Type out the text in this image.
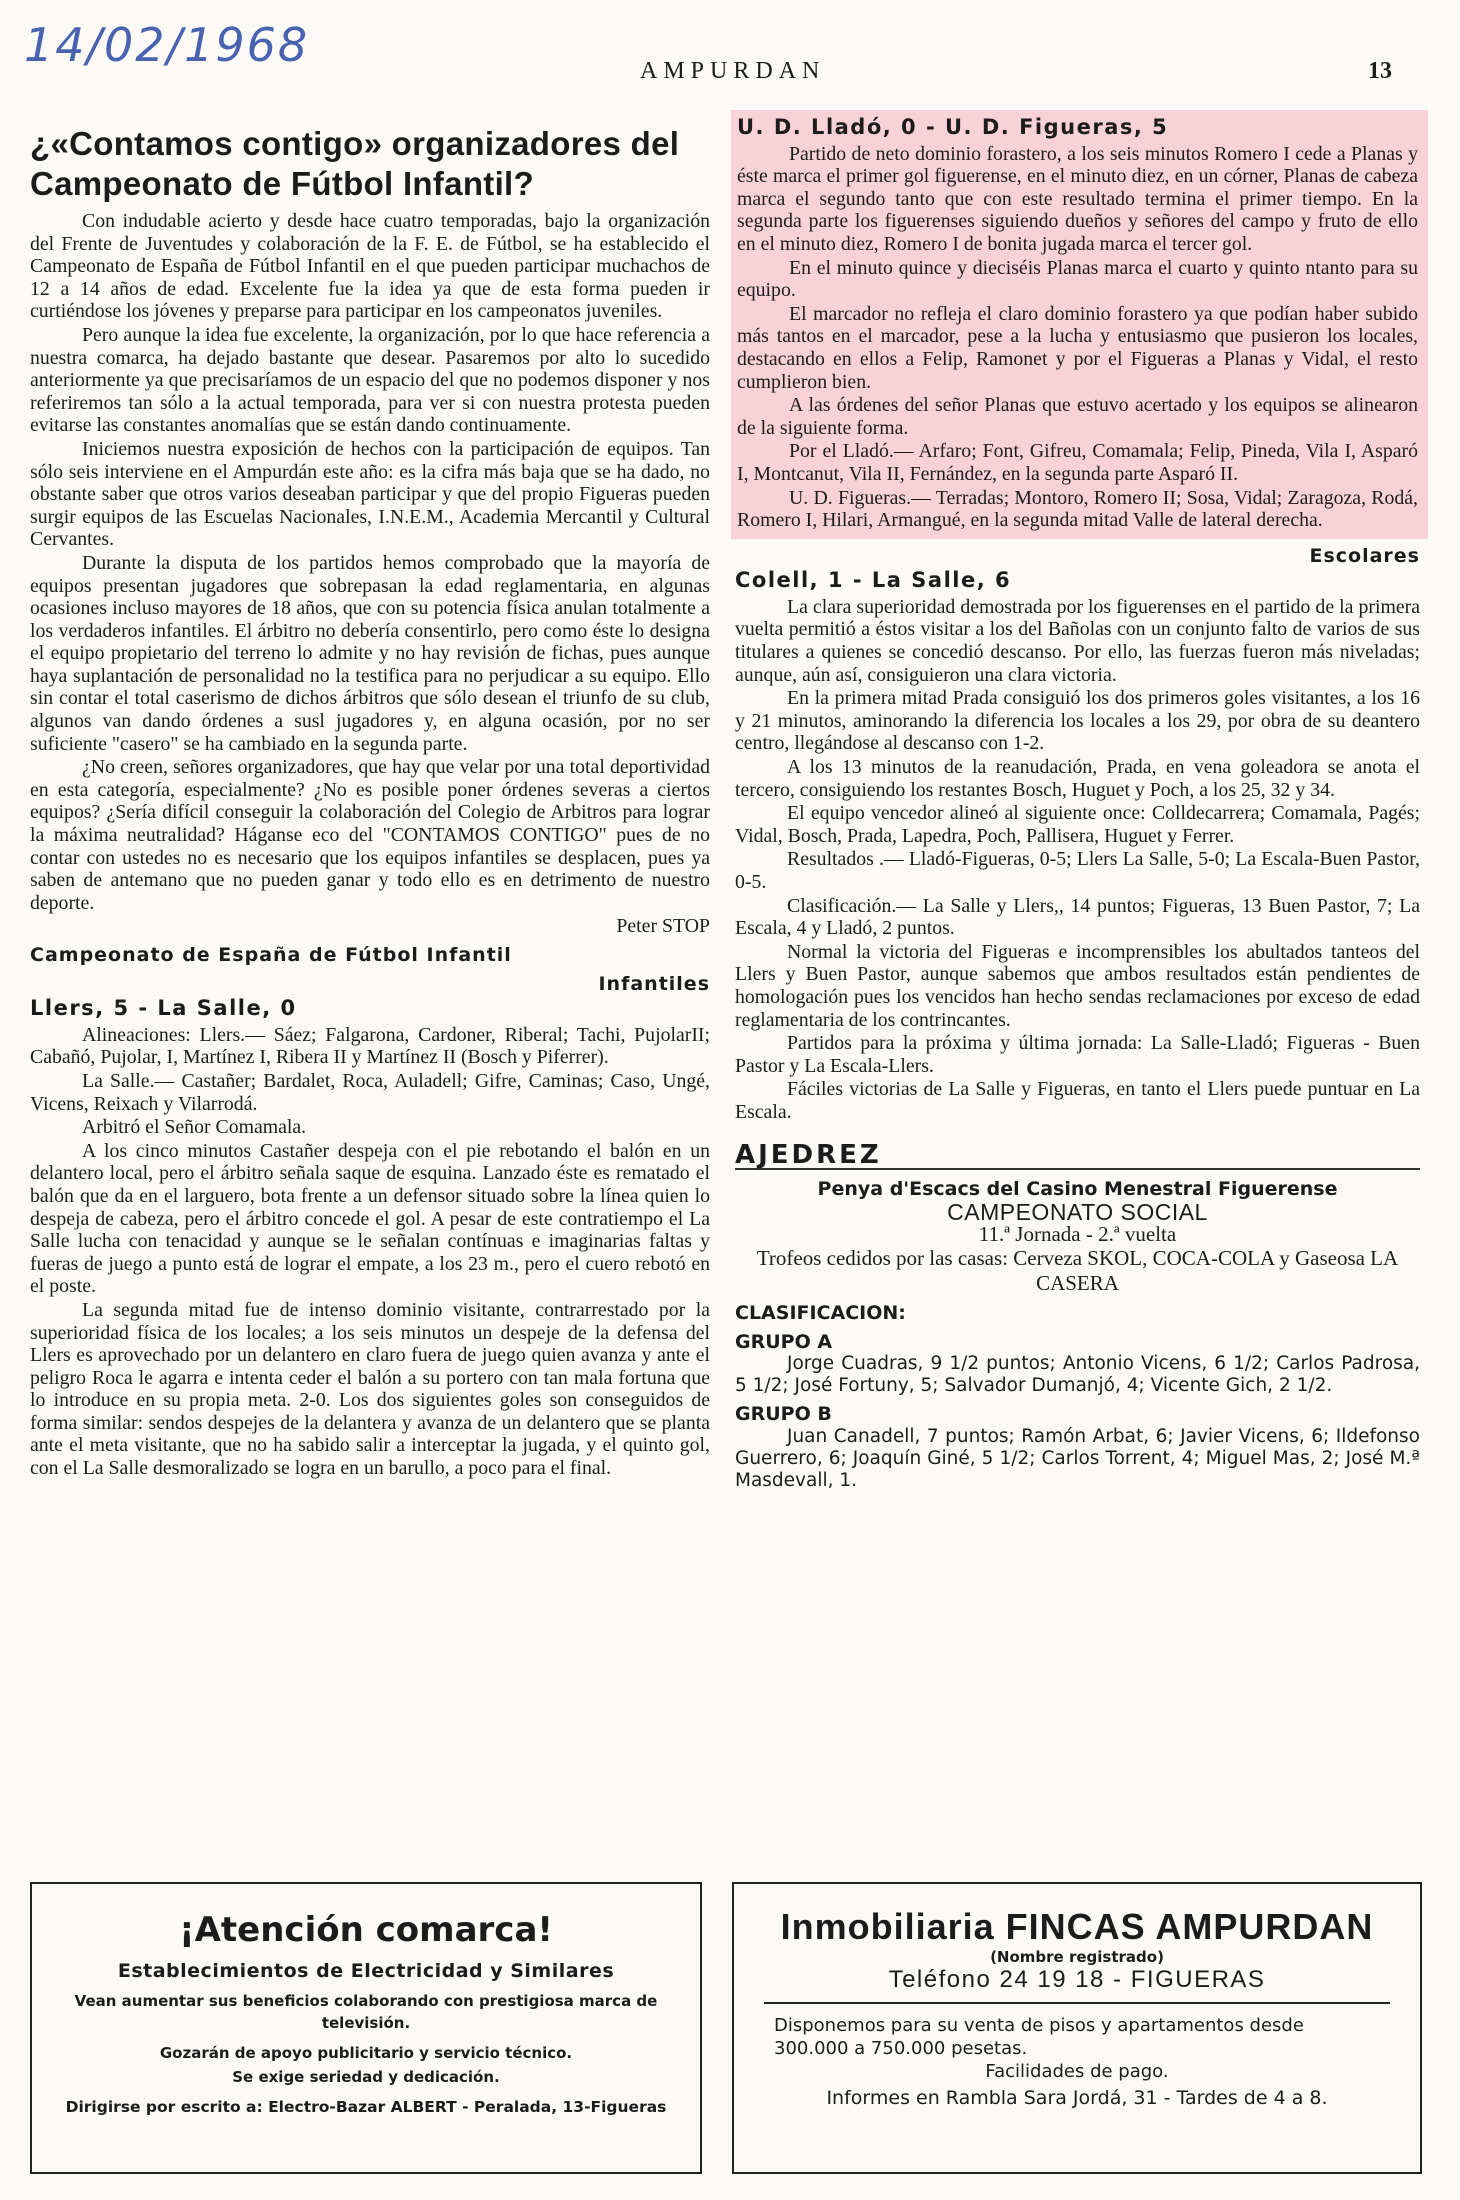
14/02/1968	AMPURDAN	13
¿«Contamos contigo» organizadores del Campeonato de Fútbol Infantil?

Con indudable acierto y desde hace cuatro temporadas, bajo la organización del Frente de Juventudes y colaboración de la F. E. de Fútbol, se ha establecido el Campeonato de España de Fútbol Infantil en el que pueden participar muchachos de 12 a 14 años de edad. Excelente fue la idea ya que de esta forma pueden ir curtiéndose los jóvenes y preparse para participar en los campeonatos juveniles.

Pero aunque la idea fue excelente, la organización, por lo que hace referencia a nuestra comarca, ha dejado bastante que desear. Pasaremos por alto lo sucedido anteriormente ya que precisaríamos de un espacio del que no podemos disponer y nos referiremos tan sólo a la actual temporada, para ver si con nuestra protesta pueden evitarse las constantes anomalías que se están dando continuamente.

Iniciemos nuestra exposición de hechos con la participación de equipos. Tan sólo seis interviene en el Ampurdán este año: es la cifra más baja que se ha dado, no obstante saber que otros varios deseaban participar y que del propio Figueras pueden surgir equipos de las Escuelas Nacionales, I.N.E.M., Academia Mercantil y Cultural Cervantes.

Durante la disputa de los partidos hemos comprobado que la mayoría de equipos presentan jugadores que sobrepasan la edad reglamentaria, en algunas ocasiones incluso mayores de 18 años, que con su potencia física anulan totalmente a los verdaderos infantiles. El árbitro no debería consentirlo, pero como éste lo designa el equipo propietario del terreno lo admite y no hay revisión de fichas, pues aunque haya suplantación de personalidad no la testifica para no perjudicar a su equipo. Ello sin contar el total caserismo de dichos árbitros que sólo desean el triunfo de su club, algunos van dando órdenes a susl jugadores y, en alguna ocasión, por no ser suficiente "casero" se ha cambiado en la segunda parte.

¿No creen, señores organizadores, que hay que velar por una total deportividad en esta categoría, especialmente? ¿No es posible poner órdenes severas a ciertos equipos? ¿Sería difícil conseguir la colaboración del Colegio de Arbitros para lograr la máxima neutralidad? Háganse eco del "CONTAMOS CONTIGO" pues de no contar con ustedes no es necesario que los equipos infantiles se desplacen, pues ya saben de antemano que no pueden ganar y todo ello es en detrimento de nuestro deporte.

Peter STOP
Campeonato de España de Fútbol Infantil
Infantiles
Llers, 5 - La Salle, 0

Alineaciones: Llers.— Sáez; Falgarona, Cardoner, Riberal; Tachi, PujolarII; Cabañó, Pujolar, I, Martínez I, Ribera II y Martínez II (Bosch y Piferrer).

La Salle.— Castañer; Bardalet, Roca, Auladell; Gifre, Caminas; Caso, Ungé, Vicens, Reixach y Vilarrodá.

Arbitró el Señor Comamala.

A los cinco minutos Castañer despeja con el pie rebotando el balón en un delantero local, pero el árbitro señala saque de esquina. Lanzado éste es rematado el balón que da en el larguero, bota frente a un defensor situado sobre la línea quien lo despeja de cabeza, pero el árbitro concede el gol. A pesar de este contratiempo el La Salle lucha con tenacidad y aunque se le señalan contínuas e imaginarias faltas y fueras de juego a punto está de lograr el empate, a los 23 m., pero el cuero rebotó en el poste.

La segunda mitad fue de intenso dominio visitante, contrarrestado por la superioridad física de los locales; a los seis minutos un despeje de la defensa del Llers es aprovechado por un delantero en claro fuera de juego quien avanza y ante el peligro Roca le agarra e intenta ceder el balón a su portero con tan mala fortuna que lo introduce en su propia meta. 2-0. Los dos siguientes goles son conseguidos de forma similar: sendos despejes de la delantera y avanza de un delantero que se planta ante el meta visitante, que no ha sabido salir a interceptar la jugada, y el quinto gol, con el La Salle desmoralizado se logra en un barullo, a poco para el final.

U. D. Lladó, 0 - U. D. Figueras, 5

Partido de neto dominio forastero, a los seis minutos Romero I cede a Planas y éste marca el primer gol figuerense, en el minuto diez, en un córner, Planas de cabeza marca el segundo tanto que con este resultado termina el primer tiempo. En la segunda parte los figuerenses siguiendo dueños y señores del campo y fruto de ello en el minuto diez, Romero I de bonita jugada marca el tercer gol.

En el minuto quince y dieciséis Planas marca el cuarto y quinto ntanto para su equipo.

El marcador no refleja el claro dominio forastero ya que podían haber subido más tantos en el marcador, pese a la lucha y entusiasmo que pusieron los locales, destacando en ellos a Felip, Ramonet y por el Figueras a Planas y Vidal, el resto cumplieron bien.

A las órdenes del señor Planas que estuvo acertado y los equipos se alinearon de la siguiente forma.

Por el Lladó.— Arfaro; Font, Gifreu, Comamala; Felip, Pineda, Vila I, Asparó I, Montcanut, Vila II, Fernández, en la segunda parte Asparó II.

U. D. Figueras.— Terradas; Montoro, Romero II; Sosa, Vidal; Zaragoza, Rodá, Romero I, Hilari, Armangué, en la segunda mitad Valle de lateral derecha.

Escolares
Colell, 1 - La Salle, 6

La clara superioridad demostrada por los figuerenses en el partido de la primera vuelta permitió a éstos visitar a los del Bañolas con un conjunto falto de varios de sus titulares a quienes se concedió descanso. Por ello, las fuerzas fueron más niveladas; aunque, aún así, consiguieron una clara victoria.

En la primera mitad Prada consiguió los dos primeros goles visitantes, a los 16 y 21 minutos, aminorando la diferencia los locales a los 29, por obra de su deantero centro, llegándose al descanso con 1-2.

A los 13 minutos de la reanudación, Prada, en vena goleadora se anota el tercero, consiguiendo los restantes Bosch, Huguet y Poch, a los 25, 32 y 34.

El equipo vencedor alineó al siguiente once: Colldecarrera; Comamala, Pagés; Vidal, Bosch, Prada, Lapedra, Poch, Pallisera, Huguet y Ferrer.

Resultados .— Lladó-Figueras, 0-5; Llers La Salle, 5-0; La Escala-Buen Pastor, 0-5.

Clasificación.— La Salle y Llers,, 14 puntos; Figueras, 13 Buen Pastor, 7; La Escala, 4 y Lladó, 2 puntos.

Normal la victoria del Figueras e incomprensibles los abultados tanteos del Llers y Buen Pastor, aunque sabemos que ambos resultados están pendientes de homologación pues los vencidos han hecho sendas reclamaciones por exceso de edad reglamentaria de los contrincantes.

Partidos para la próxima y última jornada: La Salle-Lladó; Figueras - Buen Pastor y La Escala-Llers.

Fáciles victorias de La Salle y Figueras, en tanto el Llers puede puntuar en La Escala.

AJEDREZ
Penya d'Escacs del Casino Menestral Figuerense
CAMPEONATO SOCIAL
11.ª Jornada - 2.ª vuelta
Trofeos cedidos por las casas: Cerveza SKOL, COCA-COLA y Gaseosa LA CASERA
CLASIFICACION:
GRUPO A
Jorge Cuadras, 9 1/2 puntos; Antonio Vicens, 6 1/2; Carlos Padrosa, 5 1/2; José Fortuny, 5; Salvador Dumanjó, 4; Vicente Gich, 2 1/2.
GRUPO B
Juan Canadell, 7 puntos; Ramón Arbat, 6; Javier Vicens, 6; Ildefonso Guerrero, 6; Joaquín Giné, 5 1/2; Carlos Torrent, 4; Miguel Mas, 2; José M.ª Masdevall, 1.
¡Atención comarca!
Establecimientos de Electricidad y Similares
Vean aumentar sus beneficios colaborando con prestigiosa marca de televisión.
Gozarán de apoyo publicitario y servicio técnico.
Se exige seriedad y dedicación.
Dirigirse por escrito a: Electro-Bazar ALBERT - Peralada, 13-Figueras
Inmobiliaria FINCAS AMPURDAN
(Nombre registrado)
Teléfono 24 19 18 - FIGUERAS
Disponemos para su venta de pisos y apartamentos desde 300.000 a 750.000 pesetas.
Facilidades de pago.
Informes en Rambla Sara Jordá, 31 - Tardes de 4 a 8.
